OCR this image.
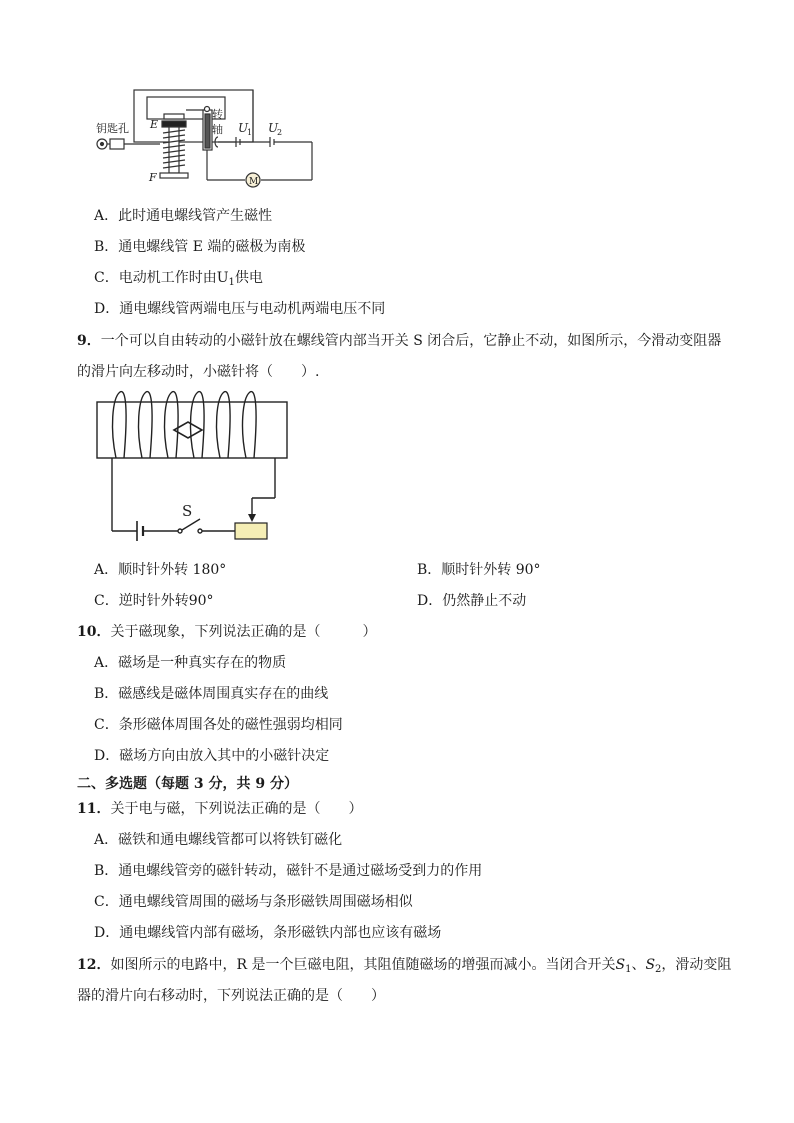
钥匙孔 E
F
转
轴 U
1 U
2
M
A．此时通电螺线管产生磁性
B．通电螺线管 E 端的磁极为南极
C．电动机工作时由$U_1$供电
D．通电螺线管两端电压与电动机两端电压不同
9．一个可以自由转动的小磁针放在螺线管内部当开关 S 闭合后，它静止不动，如图所示，今滑动变阻器
的滑片向左移动时，小磁针将（　　）.
S
A．顺时针外转 180°	B．顺时针外转 90°
C．逆时针外转90°	D．仍然静止不动
10．关于磁现象，下列说法正确的是（　　　）
A．磁场是一种真实存在的物质
B．磁感线是磁体周围真实存在的曲线
C．条形磁体周围各处的磁性强弱均相同
D．磁场方向由放入其中的小磁针决定
二、多选题（每题 3 分，共 9 分）
11．关于电与磁，下列说法正确的是（　　）
A．磁铁和通电螺线管都可以将铁钉磁化
B．通电螺线管旁的磁针转动，磁针不是通过磁场受到力的作用
C．通电螺线管周围的磁场与条形磁铁周围磁场相似
D．通电螺线管内部有磁场，条形磁铁内部也应该有磁场
12．如图所示的电路中，R 是一个巨磁电阻，其阻值随磁场的增强而减小。当闭合开关$S_1$、$S_2$，滑动变阻
器的滑片向右移动时，下列说法正确的是（　　）
